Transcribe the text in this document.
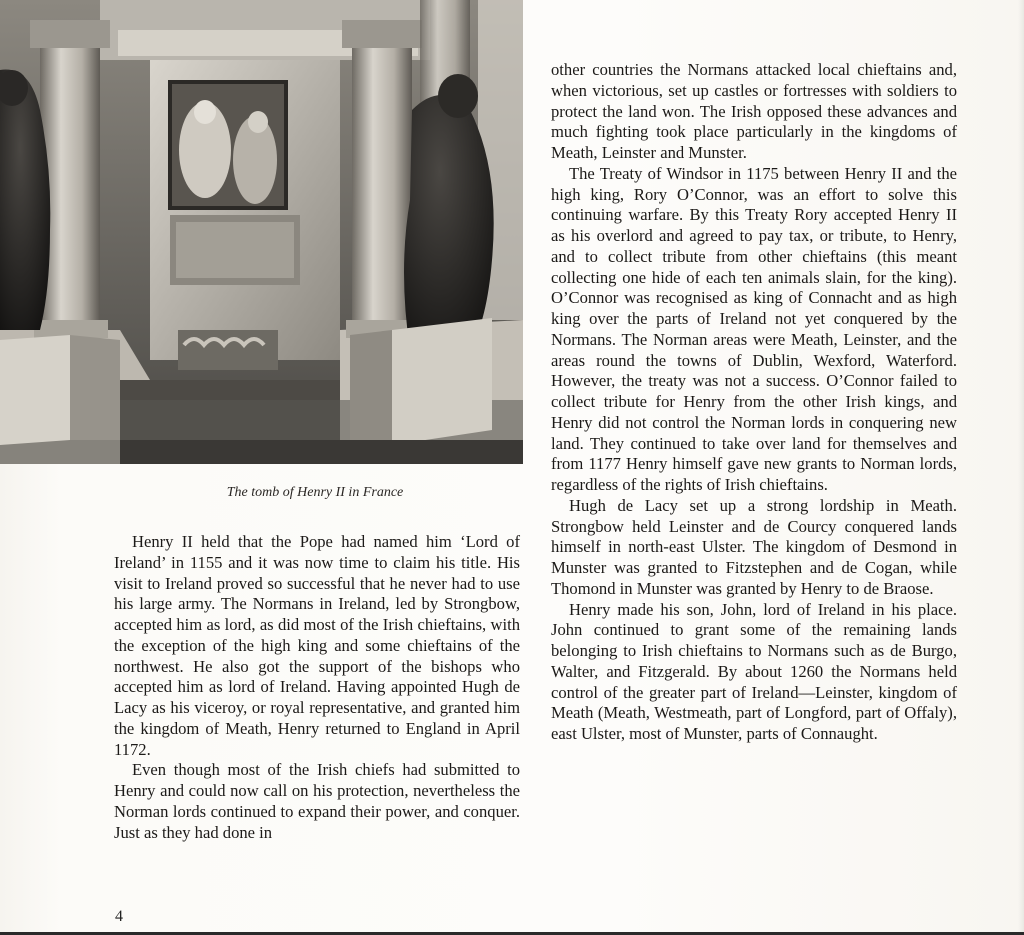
The tomb of Henry II in France

Henry II held that the Pope had named him ‘Lord of Ireland’ in 1155 and it was now time to claim his title. His visit to Ireland proved so successful that he never had to use his large army. The Normans in Ireland, led by Strongbow, accepted him as lord, as did most of the Irish chieftains, with the exception of the high king and some chieftains of the northwest. He also got the support of the bishops who accepted him as lord of Ireland. Having appointed Hugh de Lacy as his viceroy, or royal representative, and granted him the kingdom of Meath, Henry returned to England in April 1172.

Even though most of the Irish chiefs had submitted to Henry and could now call on his protection, nevertheless the Norman lords continued to expand their power, and conquer. Just as they had done in

other countries the Normans attacked local chieftains and, when victorious, set up castles or fortresses with soldiers to protect the land won. The Irish opposed these advances and much fighting took place particularly in the kingdoms of Meath, Leinster and Munster.

The Treaty of Windsor in 1175 between Henry II and the high king, Rory O’Connor, was an effort to solve this continuing warfare. By this Treaty Rory accepted Henry II as his overlord and agreed to pay tax, or tribute, to Henry, and to collect tribute from other chieftains (this meant collecting one hide of each ten animals slain, for the king). O’Connor was recognised as king of Connacht and as high king over the parts of Ireland not yet conquered by the Normans. The Norman areas were Meath, Leinster, and the areas round the towns of Dublin, Wexford, Waterford. However, the treaty was not a success. O’Connor failed to collect tribute for Henry from the other Irish kings, and Henry did not control the Norman lords in conquering new land. They continued to take over land for themselves and from 1177 Henry himself gave new grants to Norman lords, regardless of the rights of Irish chieftains.

Hugh de Lacy set up a strong lordship in Meath. Strongbow held Leinster and de Courcy conquered lands himself in north-east Ulster. The kingdom of Desmond in Munster was granted to Fitzstephen and de Cogan, while Thomond in Munster was granted by Henry to de Braose.

Henry made his son, John, lord of Ireland in his place. John continued to grant some of the remaining lands belonging to Irish chieftains to Normans such as de Burgo, Walter, and Fitzgerald. By about 1260 the Normans held control of the greater part of Ireland—Leinster, kingdom of Meath (Meath, Westmeath, part of Longford, part of Offaly), east Ulster, most of Munster, parts of Connaught.

4
